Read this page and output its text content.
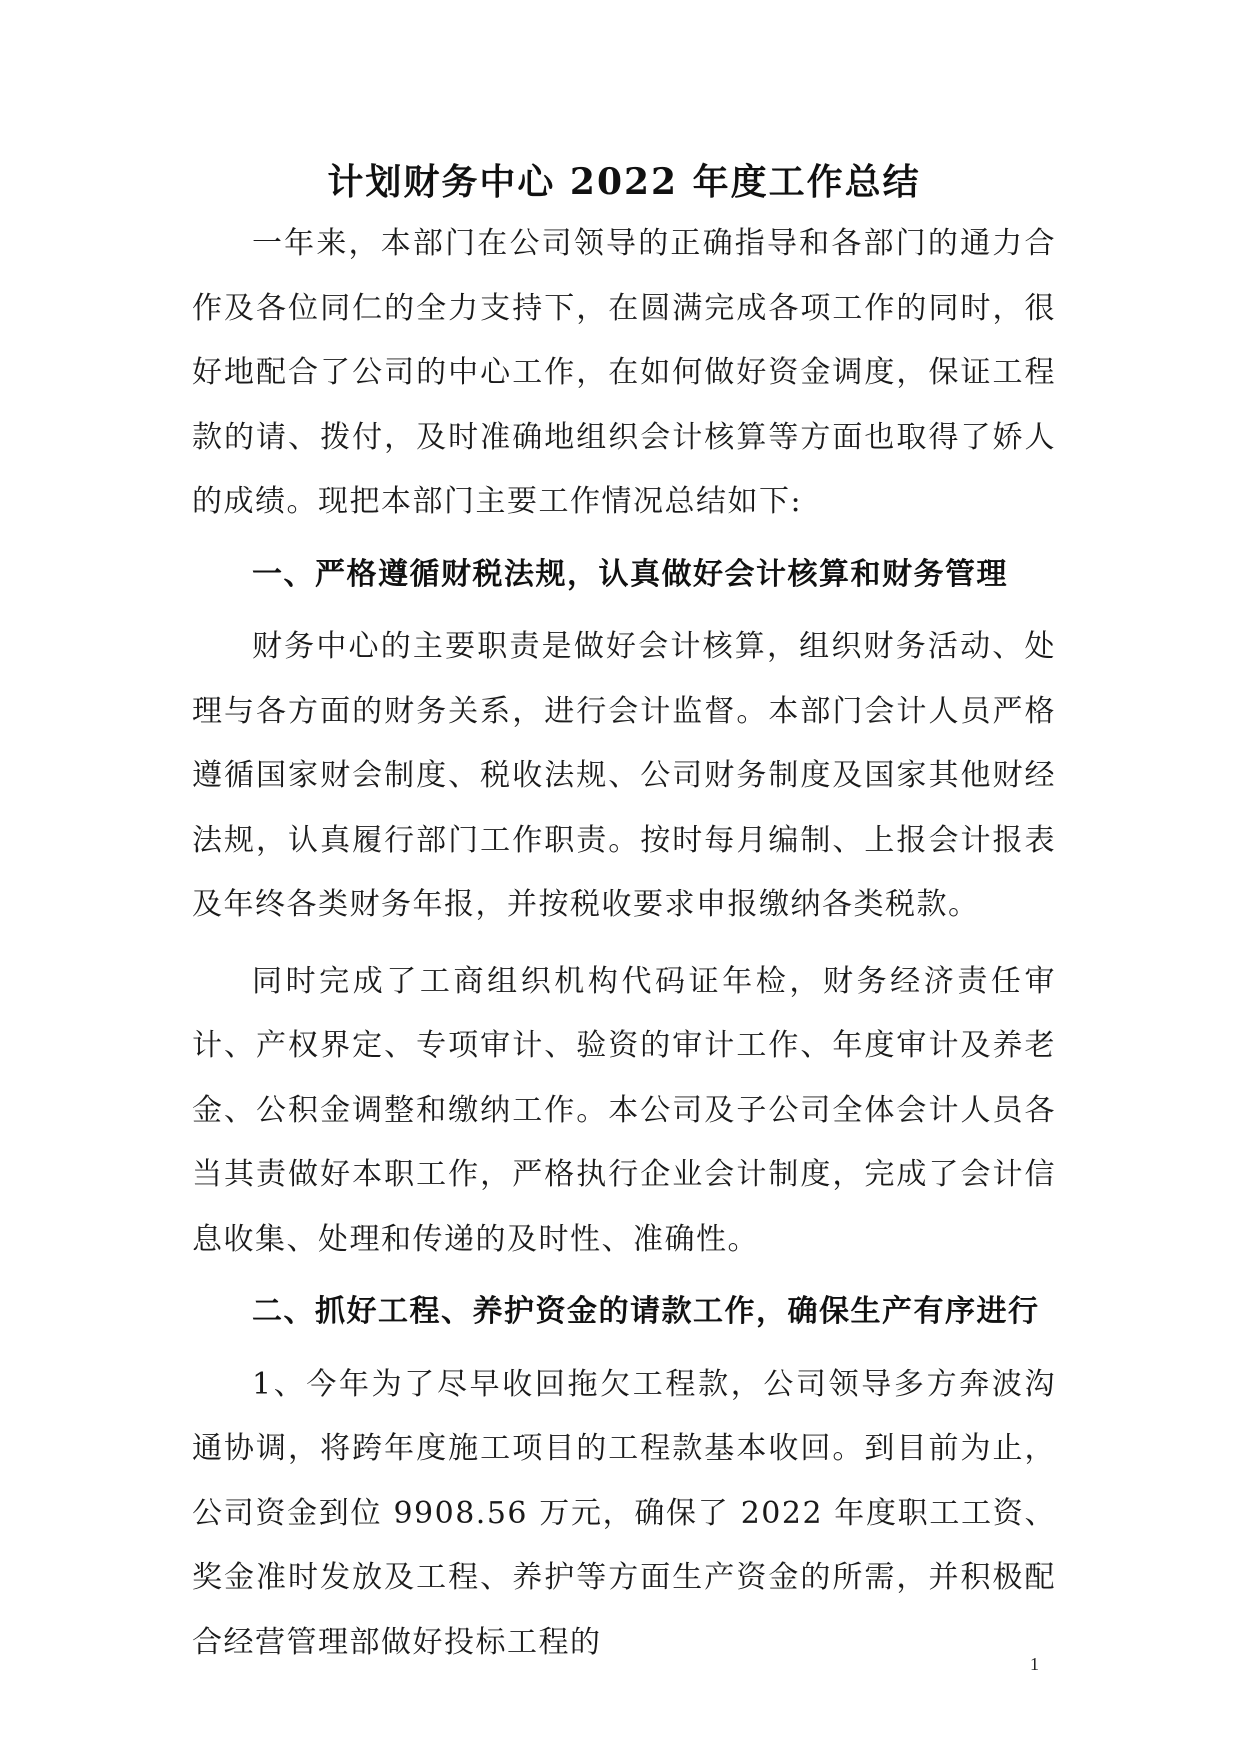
计划财务中心 2022 年度工作总结

一年来，本部门在公司领导的正确指导和各部门的通力合作及各位同仁的全力支持下，在圆满完成各项工作的同时，很好地配合了公司的中心工作，在如何做好资金调度，保证工程款的请、拨付，及时准确地组织会计核算等方面也取得了娇人的成绩。现把本部门主要工作情况总结如下:

一、严格遵循财税法规，认真做好会计核算和财务管理

财务中心的主要职责是做好会计核算，组织财务活动、处理与各方面的财务关系，进行会计监督。本部门会计人员严格遵循国家财会制度、税收法规、公司财务制度及国家其他财经法规，认真履行部门工作职责。按时每月编制、上报会计报表及年终各类财务年报，并按税收要求申报缴纳各类税款。

同时完成了工商组织机构代码证年检，财务经济责任审计、产权界定、专项审计、验资的审计工作、年度审计及养老金、公积金调整和缴纳工作。本公司及子公司全体会计人员各当其责做好本职工作，严格执行企业会计制度，完成了会计信息收集、处理和传递的及时性、准确性。

二、抓好工程、养护资金的请款工作，确保生产有序进行

1、今年为了尽早收回拖欠工程款，公司领导多方奔波沟通协调，将跨年度施工项目的工程款基本收回。到目前为止，公司资金到位 9908.56 万元，确保了 2022 年度职工工资、奖金准时发放及工程、养护等方面生产资金的所需，并积极配合经营管理部做好投标工程的

1
